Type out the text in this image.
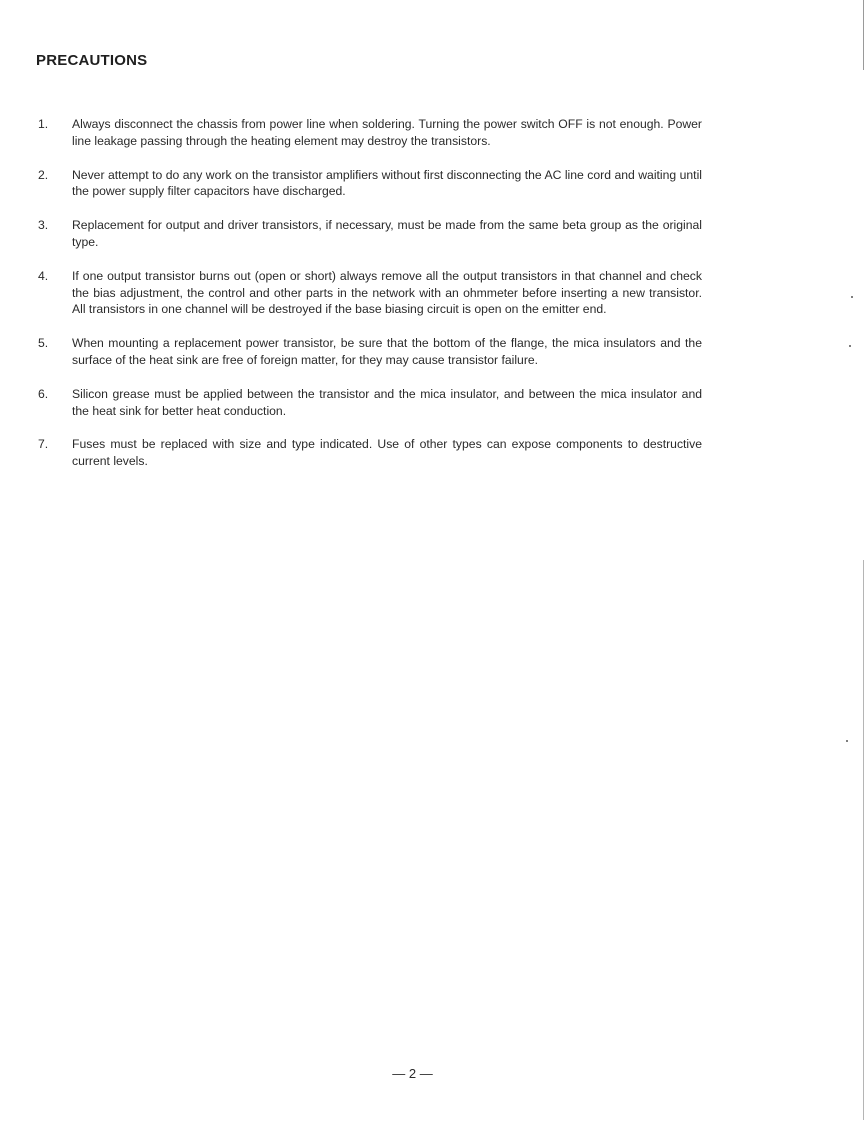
PRECAUTIONS
1.	Always disconnect the chassis from power line when soldering. Turning the power switch OFF is not enough. Power line leakage passing through the heating element may destroy the transistors.
2.	Never attempt to do any work on the transistor amplifiers without first disconnecting the AC line cord and waiting until the power supply filter capacitors have discharged.
3.	Replacement for output and driver transistors, if necessary, must be made from the same beta group as the original type.
4.	If one output transistor burns out (open or short) always remove all the output transistors in that channel and check the bias adjustment, the control and other parts in the network with an ohmmeter before inserting a new transistor. All transistors in one channel will be destroyed if the base biasing circuit is open on the emitter end.
5.	When mounting a replacement power transistor, be sure that the bottom of the flange, the mica insulators and the surface of the heat sink are free of foreign matter, for they may cause transistor failure.
6.	Silicon grease must be applied between the transistor and the mica insulator, and between the mica insulator and the heat sink for better heat conduction.
7.	Fuses must be replaced with size and type indicated. Use of other types can expose components to destructive current levels.
— 2 —
